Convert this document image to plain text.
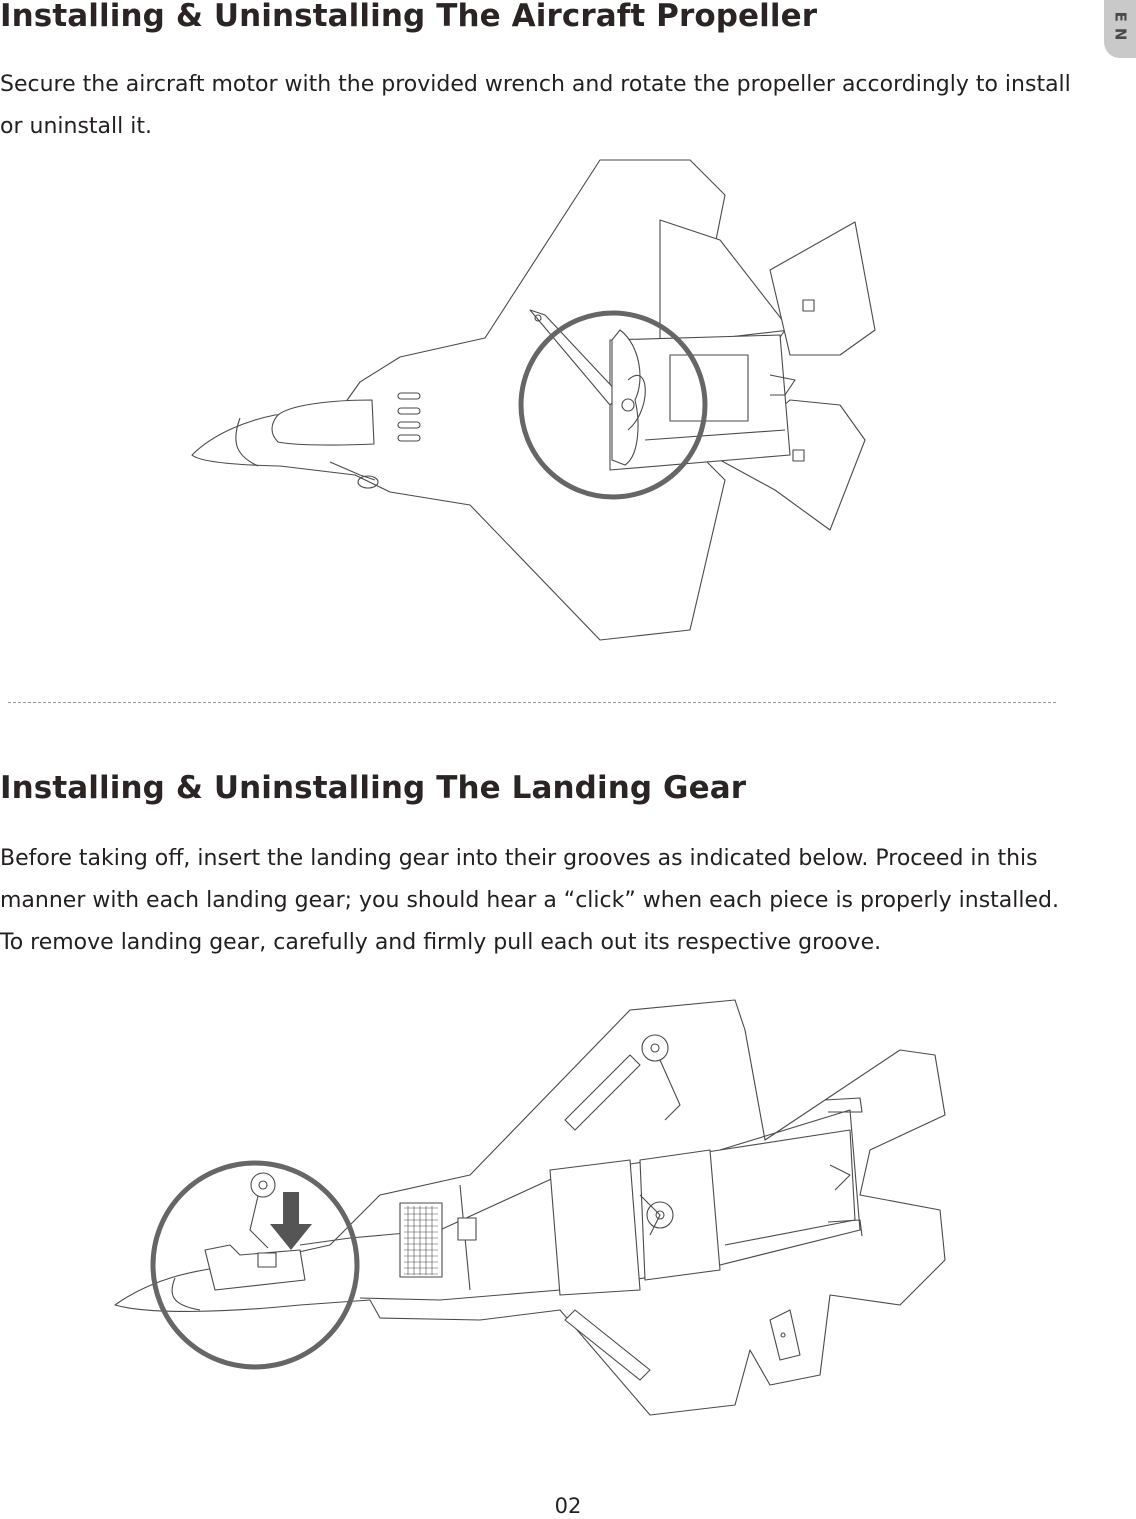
EN
Installing & Uninstalling The Aircraft Propeller

Secure the aircraft motor with the provided wrench and rotate the propeller accordingly to install or uninstall it.

Installing & Uninstalling The Landing Gear

Before taking off, insert the landing gear into their grooves as indicated below. Proceed in this manner with each landing gear; you should hear a “click” when each piece is properly installed. To remove landing gear, carefully and firmly pull each out its respective groove.

02
